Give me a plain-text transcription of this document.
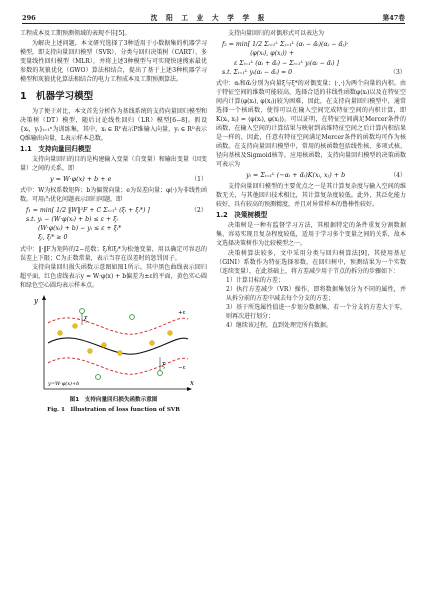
296	沈 阳 工 业 大 学 学 报	第47卷

工程成本及工期预测领域的表现不佳[5]。

为解决上述问题，本文研究选择了3种适用于小数据集的机器学习模型，即支持向量回归模型（SVR）、分类与回归决策树（CART）、多变量线性回归模型（MLR），并将上述3种模型与可实现快速搜索最优参数的灰狼优化（GWO）算法相结合，提出了基于上述3种机器学习模型和灰狼优化算法相结合的电力工程成本及工期预测算法。

1　机器学习模型

为了便于对比，本文首先分析作为基线系统的支持向量回归模型和决策树（DT）模型，随后讨论线性回归（LR）模型[6−8]。假设{xᵢ，yᵢ}ᵢ₌₁ⁿ为训练集，其中，xᵢ ∈ Rᴾ表示P维输入向量，yᵢ ∈ Rᴰ表示Q维输出向量，L表示样本总数。

1.1　支持向量回归模型

支持向量回归的目的是构建输入变量（自变量）和输出变量（因变量）之间的关系，即

y = W·φ(x) + b + e	（1）

式中：W为权系数矩阵；b为偏置向量；e为误差向量；φ(·)为非线性函数。可用凸优化问题表示回归问题，即

f₁ = min[ 1/2 ‖W‖²F + C Σᵢ₌₁ᴸ (ξᵢ + ξᵢ*) ]	（2）
s.t. yᵢ − (W·φ(xᵢ) + b) ≤ ε + ξᵢ
(W·φ(xᵢ) + b) − yᵢ ≤ ε + ξᵢ*
ξᵢ, ξᵢ* ≥ 0

式中：‖·‖F为矩阵的2−范数；ξᵢ和ξᵢ*为松弛变量，用以确定可容忍的误差上下限；C为正数常量，表示当存在误差时的惩罚因子。

支持向量回归损失函数示意图如图1所示。其中黑色曲线表示回归超平面，红色虚线表示y = W·φ(x) + b偏差为±ε的平面，黄色实心圆和绿色空心圆均表示样本点。

y
x
ξ
ξ
+ε
−ε
y=W·φ(x)+b
图1　支持向量回归损失函数示意图
Fig. 1　Illustration of loss function of SVR

支持向量回归的对偶形式可以表达为

f₂ = min[ 1/2 Σᵢ₌₁ᴸ Σⱼ₌₁ᴸ (αᵢ − α̃ᵢ)(αⱼ − α̃ⱼ)·
⟨φ(xᵢ), φ(xⱼ)⟩ +
ε Σᵢ₌₁ᴸ (αᵢ + α̃ᵢ) − Σᵢ₌₁ᴸ yᵢ(αᵢ − α̃ᵢ) ]
s.t. Σᵢ₌₁ᴸ yᵢ(αᵢ − α̃ᵢ) = 0	（3）

式中：αᵢ和α̃ᵢ分别为向量ξ与ξ*的对偶变量；⟨·,·⟩为两个向量的内积。由于特征空间的维数可能较高，选择合适的非线性函数φ(xᵢ)以及在特征空间内计算⟨φ(xᵢ), φ(xⱼ)⟩较为困难，因此，在支持向量回归模型中，通常选择一个核函数，使得可以在输入空间完成特征空间的内积计算，即K(xᵢ, xⱼ) = ⟨φ(xᵢ), φ(xⱼ)⟩。可以证明，在特征空间满足Mercer条件的函数，在输入空间的计算结果与映射到高维特征空间之后计算内积结果是一样的，因此，任意有特征空间满足Mercer条件的函数均可作为核函数。在支持向量回归模型中，常用的核函数包括线性核、多项式核、径向基核及Sigmoid核等。应用核函数，支持向量回归模型的决策函数可表示为

yᵢ = Σᵢ₌₁ᴸ (−αᵢ + α̃ᵢ)K(xᵢ, xⱼ) + b	（4）

支持向量回归模型的主要优点之一是其计算复杂度与输入空间的维数无关，与其他回归技术相比，其计算复杂度较低。此外，其泛化能力较好，具有较高的预测精度，并且对异常样本的鲁棒性较好。

1.2　决策树模型

决策树是一种有监督学习方法，其根据特定的条件重复分割数据集，容易实现且复杂程度较低，适用于学习多个变量之间的关系，故本文选择决策树作为比较模型之一。

决策树算法较多，文中采用分类与回归树算法[9]，其使用基尼（GINI）系数作为特征选择参数。在回归树中，预测结果为一个实数（连续变量），在此基础上，将方差减少用于节点的拆分的步骤如下：

1）计算目标的方差；

2）执行方差减少（VR）操作，即将数据集划分为不同的属性，并从拆分前的方差中减去每个分支的方差；

3）基于所选属性值进一步划分数据集，若一个分支的方差大于零，则再次进行划分；

4）继续该过程，直到处理完所有数据。
